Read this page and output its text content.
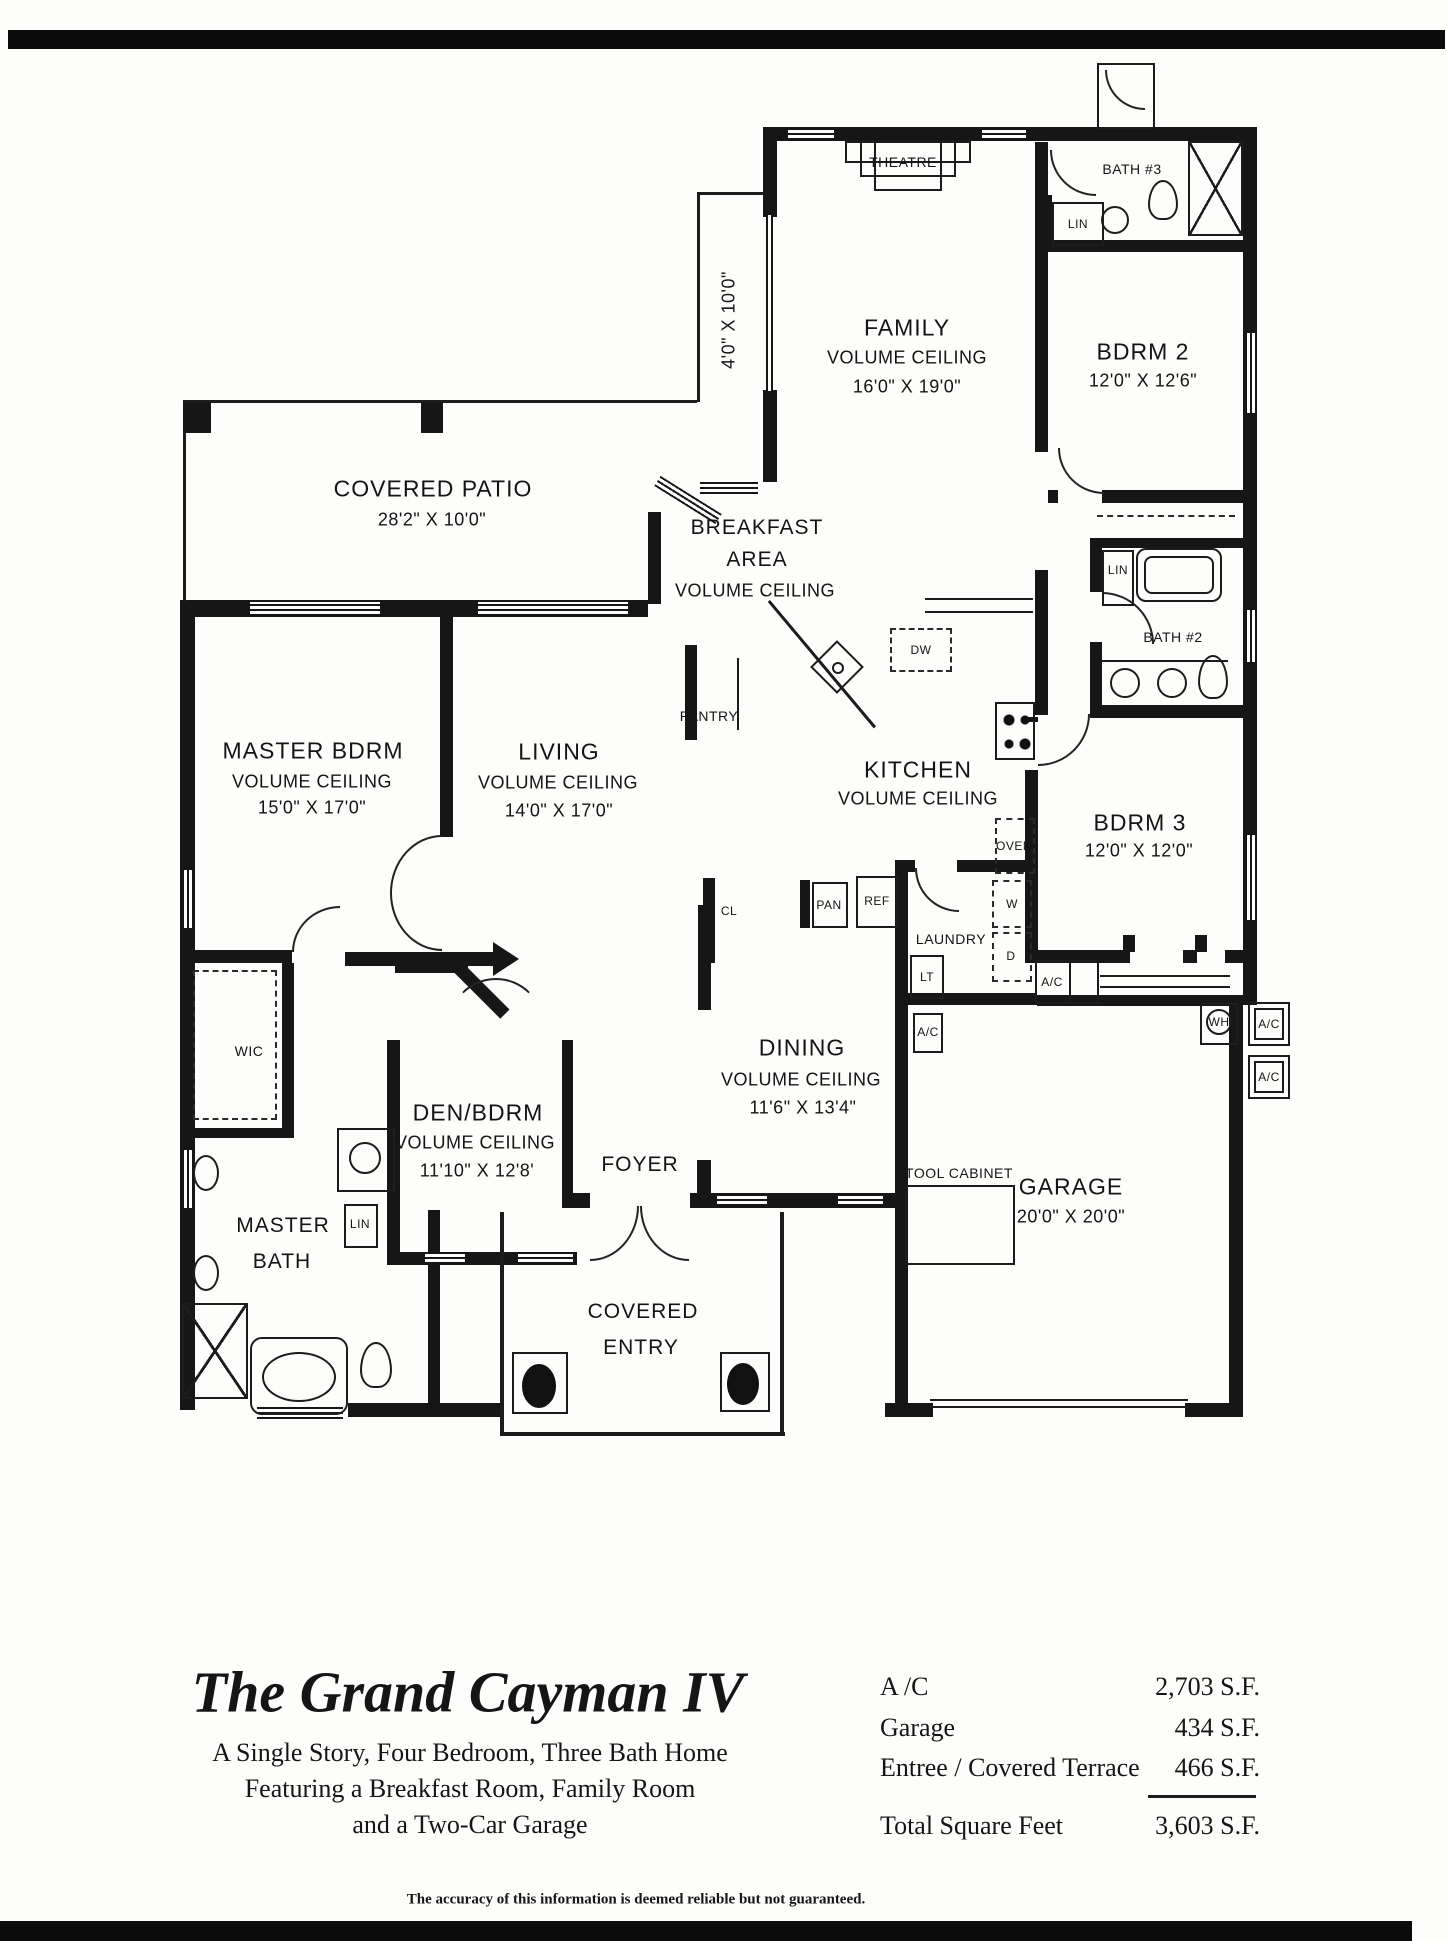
THEATRE	BATH #3
LIN
FAMILY
VOLUME CEILING
16'0" X 19'0"
BDRM 2
12'0" X 12'6"
4'0" X 10'0"
COVERED PATIO
28'2" X 10'0"	BREAKFAST
AREA
VOLUME CEILING
LIN
BATH #2
MASTER BDRM
VOLUME CEILING
15'0" X 17'0"
LIVING
VOLUME CEILING
14'0" X 17'0"
PANTRY
DW
KITCHEN
VOLUME CEILING
BDRM 3
12'0" X 12'0"
OVEN
W
D
LAUNDRY
LT
A/C
A/C
WH A/C
A/C
PAN REF
CL
WIC	DINING
VOLUME CEILING
11'6" X 13'4"
DEN/BDRM
VOLUME CEILING
11'10" X 12'8'	FOYER	TOOL CABINET
GARAGE
20'0" X 20'0"
MASTER
BATH
LIN
COVERED
ENTRY
The Grand Cayman IV
A Single Story, Four Bedroom, Three Bath Home
Featuring a Breakfast Room, Family Room
and a Two-Car Garage
A /C	2,703 S.F.
Garage	434 S.F.
Entree / Covered Terrace	466 S.F.
Total Square Feet	3,603 S.F.
The accuracy of this information is deemed reliable but not guaranteed.
